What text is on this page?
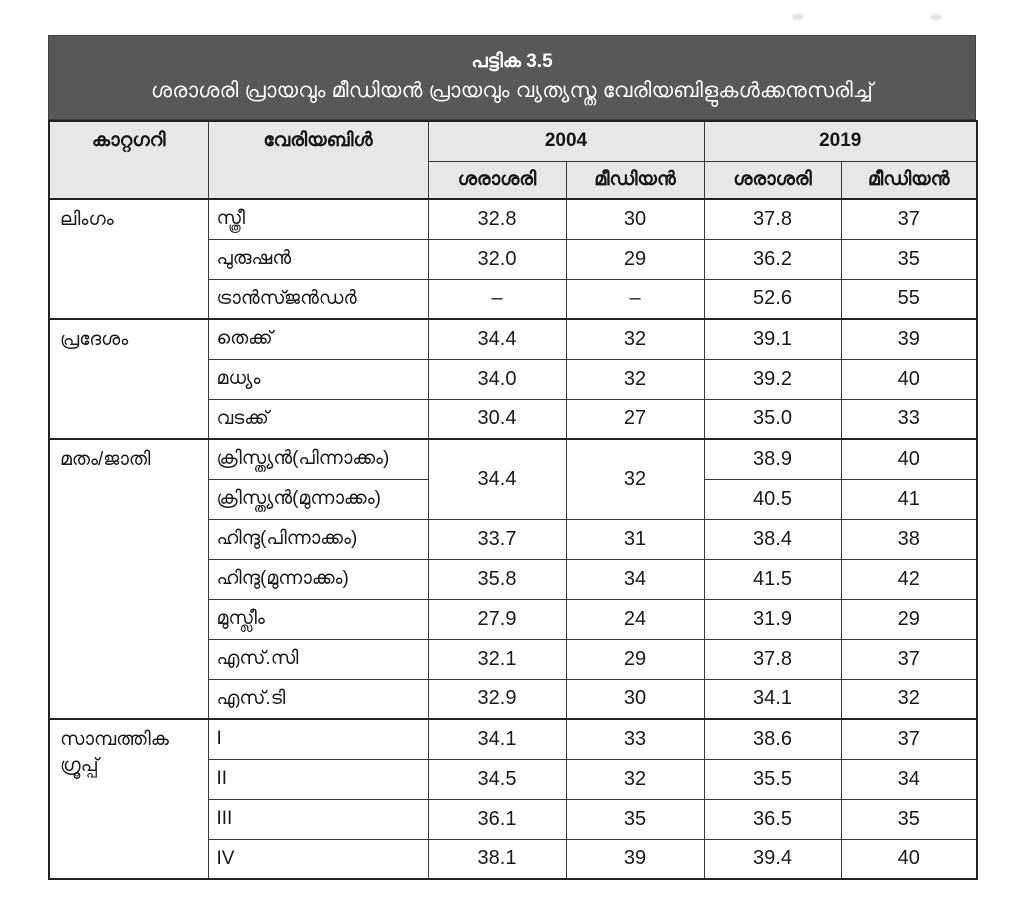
പട്ടിക 3.5
ശരാശരി പ്രായവും മീഡിയൻ പ്രായവും വ്യത്യസ്ത വേരിയബിളുകൾക്കനുസരിച്ച്
കാറ്റഗറി	വേരിയബിൾ	2004		2019	
		ശരാശരി	മീഡിയൻ	ശരാശരി	മീഡിയൻ
ലിംഗം	സ്ത്രീ	32.8	30	37.8	37
	പുരുഷൻ	32.0	29	36.2	35
	ട്രാൻസ്ജൻഡർ	–	–	52.6	55
പ്രദേശം	തെക്ക്	34.4	32	39.1	39
	മധ്യം	34.0	32	39.2	40
	വടക്ക്	30.4	27	35.0	33
മതം/ജാതി	ക്രിസ്ത്യൻ(പിന്നാക്കം)	34.4	32	38.9	40
	ക്രിസ്ത്യൻ(മുന്നാക്കം)			40.5	41
	ഹിന്ദു(പിന്നാക്കം)	33.7	31	38.4	38
	ഹിന്ദു(മുന്നാക്കം)	35.8	34	41.5	42
	മുസ്ലീം	27.9	24	31.9	29
	എസ്.സി	32.1	29	37.8	37
	എസ്.ടി	32.9	30	34.1	32
സാമ്പത്തിക ഗ്രൂപ്പ്	I	34.1	33	38.6	37
	II	34.5	32	35.5	34
	III	36.1	35	36.5	35
	IV	38.1	39	39.4	40
